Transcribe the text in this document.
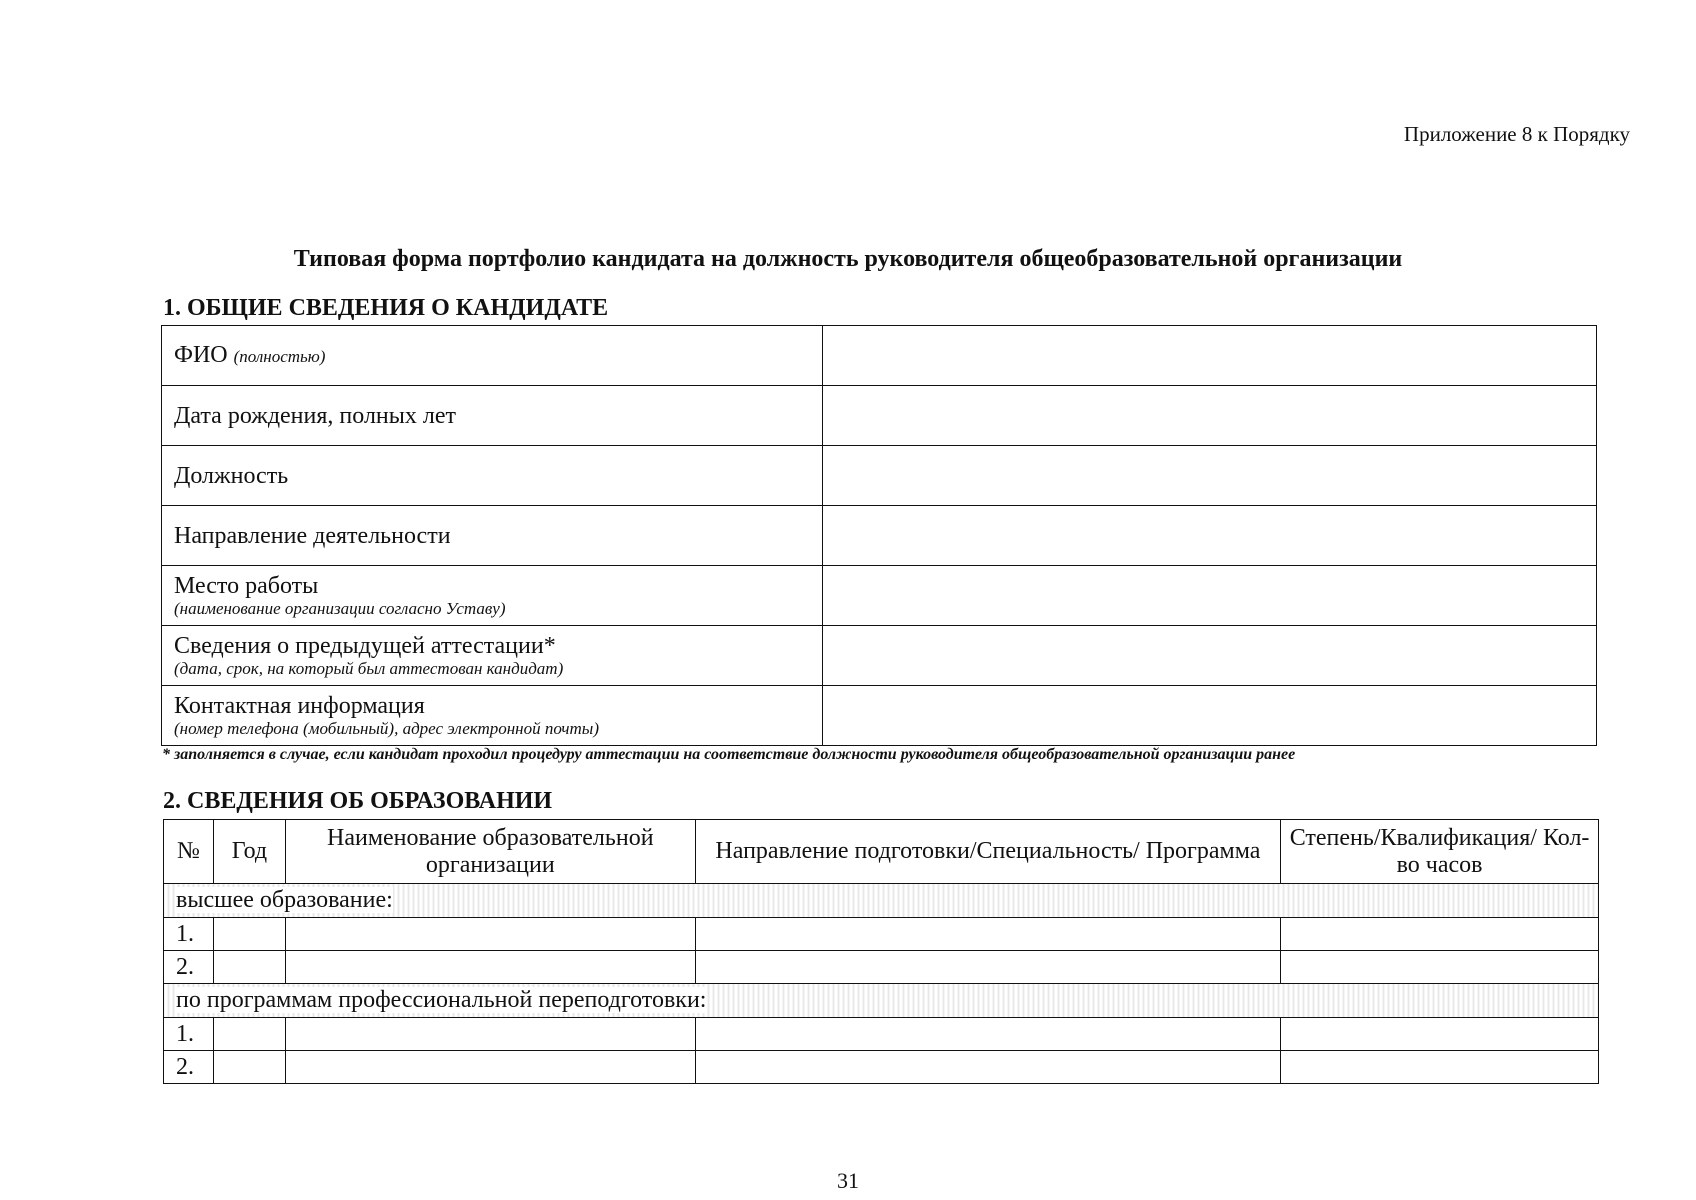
Приложение 8 к Порядку
Типовая форма портфолио кандидата на должность руководителя общеобразовательной организации
1. ОБЩИЕ СВЕДЕНИЯ О КАНДИДАТЕ
ФИО (полностью)	
Дата рождения, полных лет	
Должность	
Направление деятельности	
Место работы
(наименование организации согласно Уставу)	

Сведения о предыдущей аттестации*
(дата, срок, на который был аттестован кандидат)	

Контактная информация
(номер телефона (мобильный), адрес электронной почты)	

* заполняется в случае, если кандидат проходил процедуру аттестации на соответствие должности руководителя общеобразовательной организации ранее
2. СВЕДЕНИЯ ОБ ОБРАЗОВАНИИ
№	Год	Наименование образовательной организации	Направление подготовки/Специальность/ Программа	Степень/Квалификация/ Кол-во часов
высшее образование:				
1.				
2.				
по программам профессиональной переподготовки:				
1.				
2.				
31
